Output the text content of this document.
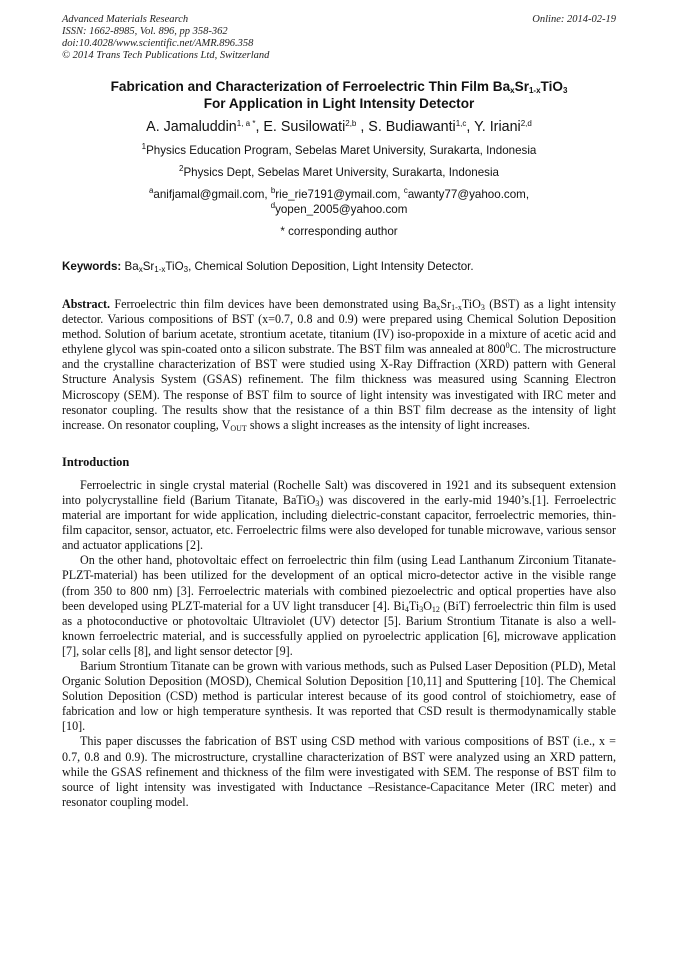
Advanced Materials Research
ISSN: 1662-8985, Vol. 896, pp 358-362
doi:10.4028/www.scientific.net/AMR.896.358
© 2014 Trans Tech Publications Ltd, Switzerland
Online: 2014-02-19
Fabrication and Characterization of Ferroelectric Thin Film $Ba_xSr_{1-x}TiO_3$
For Application in Light Intensity Detector
A. Jamaluddin$^{1, a *}$, E. Susilowati$^{2,b}$ , S. Budiawanti$^{1,c}$, Y. Iriani$^{2,d}$
$^1$Physics Education Program, Sebelas Maret University, Surakarta, Indonesia
$^2$Physics Dept, Sebelas Maret University, Surakarta, Indonesia
$^a$anifjamal@gmail.com, $^b$rie_rie7191@ymail.com, $^c$awanty77@yahoo.com,
$^d$yopen_2005@yahoo.com
* corresponding author
Keywords: $Ba_xSr_{1-x}TiO_3$, Chemical Solution Deposition, Light Intensity Detector.
Abstract. Ferroelectric thin film devices have been demonstrated using $Ba_xSr_{1-x}TiO_3$ (BST) as a light intensity detector. Various compositions of BST (x=0.7, 0.8 and 0.9) were prepared using Chemical Solution Deposition method. Solution of barium acetate, strontium acetate, titanium (IV) iso-propoxide in a mixture of acetic acid and ethylene glycol was spin-coated onto a silicon substrate. The BST film was annealed at $800^0C$. The microstructure and the crystalline characterization of BST were studied using X-Ray Diffraction (XRD) pattern with General Structure Analysis System (GSAS) refinement. The film thickness was measured using Scanning Electron Microscopy (SEM). The response of BST film to source of light intensity was investigated with IRC meter and resonator coupling. The results show that the resistance of a thin BST film decrease as the intensity of light increase. On resonator coupling, $V_{OUT}$ shows a slight increases as the intensity of light increases.
Introduction

Ferroelectric in single crystal material (Rochelle Salt) was discovered in 1921 and its subsequent extension into polycrystalline field (Barium Titanate, BaTiO$_3$) was discovered in the early-mid 1940’s.[1]. Ferroelectric material are important for wide application, including dielectric-constant capacitor, ferroelectric memories, thin-film capacitor, sensor, actuator, etc. Ferroelectric films were also developed for tunable microwave, various sensor and actuator applications [2].

On the other hand, photovoltaic effect on ferroelectric thin film (using Lead Lanthanum Zirconium Titanate-PLZT-material) has been utilized for the development of an optical micro-detector active in the visible range (from 350 to 800 nm) [3]. Ferroelectric materials with combined piezoelectric and optical properties have also been developed using PLZT-material for a UV light transducer [4]. $Bi_4Ti_3O_{12}$ (BiT) ferroelectric thin film is used as a photoconductive or photovoltaic Ultraviolet (UV) detector [5]. Barium Strontium Titanate is also a well-known ferroelectric material, and is successfully applied on pyroelectric application [6], microwave application [7], solar cells [8], and light sensor detector [9].

Barium Strontium Titanate can be grown with various methods, such as Pulsed Laser Deposition (PLD), Metal Organic Solution Deposition (MOSD), Chemical Solution Deposition [10,11] and Sputtering [10]. The Chemical Solution Deposition (CSD) method is particular interest because of its good control of stoichiometry, ease of fabrication and low or high temperature synthesis. It was reported that CSD result is thermodynamically stable [10].

This paper discusses the fabrication of BST using CSD method with various compositions of BST (i.e., x = 0.7, 0.8 and 0.9). The microstructure, crystalline characterization of BST were analyzed using an XRD pattern, while the GSAS refinement and thickness of the film were investigated with SEM. The response of BST film to source of light intensity was investigated with Inductance –Resistance-Capacitance Meter (IRC meter) and resonator coupling model.
